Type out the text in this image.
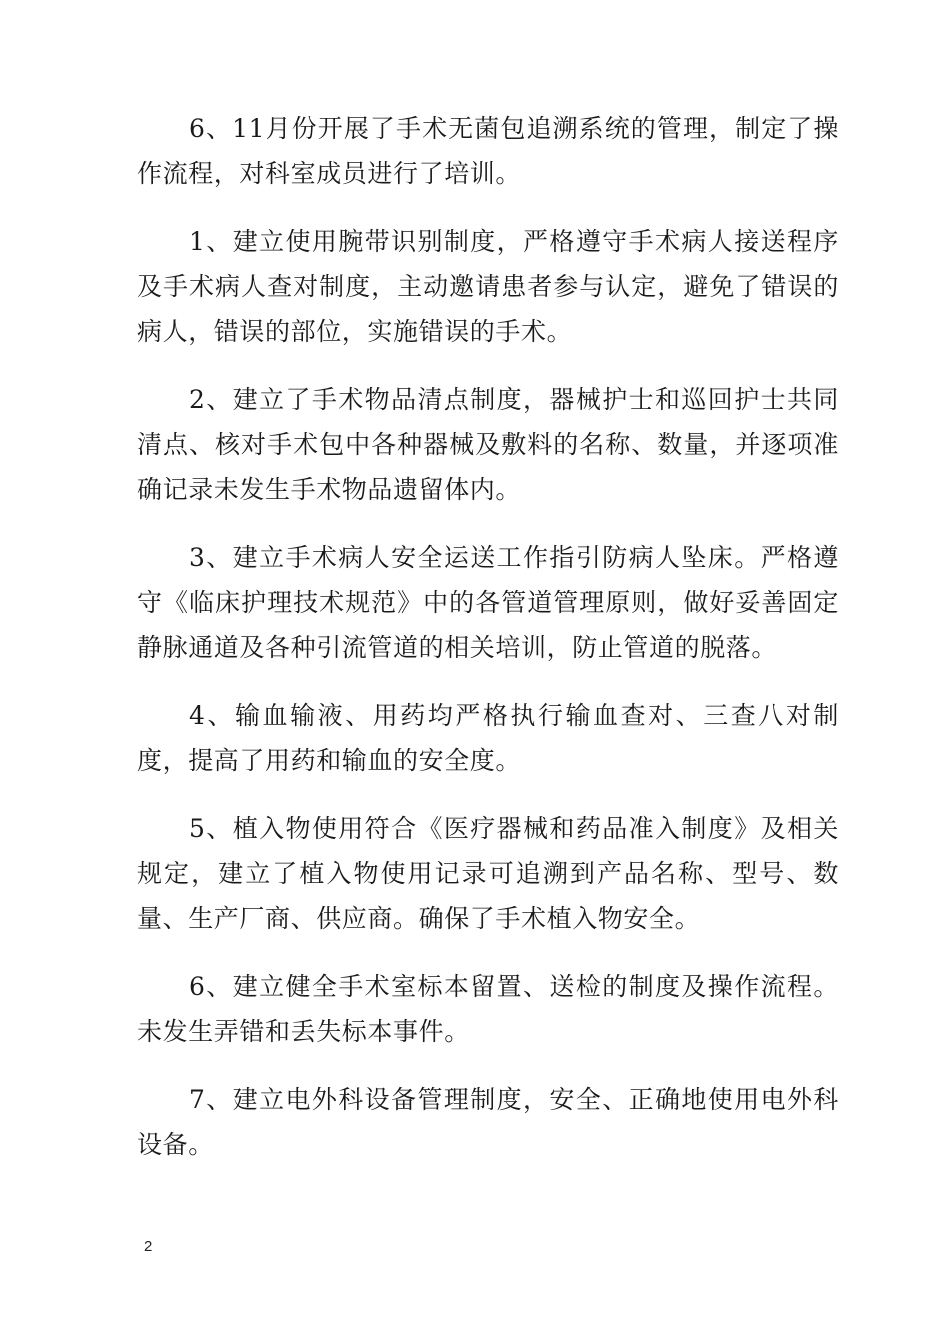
6、11月份开展了手术无菌包追溯系统的管理，制定了操作流程，对科室成员进行了培训。

1、建立使用腕带识别制度，严格遵守手术病人接送程序及手术病人查对制度，主动邀请患者参与认定，避免了错误的病人，错误的部位，实施错误的手术。

2、建立了手术物品清点制度，器械护士和巡回护士共同清点、核对手术包中各种器械及敷料的名称、数量，并逐项准确记录未发生手术物品遗留体内。

3、建立手术病人安全运送工作指引防病人坠床。严格遵守《临床护理技术规范》中的各管道管理原则，做好妥善固定静脉通道及各种引流管道的相关培训，防止管道的脱落。

4、输血输液、用药均严格执行输血查对、三查八对制度，提高了用药和输血的安全度。

5、植入物使用符合《医疗器械和药品准入制度》及相关规定，建立了植入物使用记录可追溯到产品名称、型号、数量、生产厂商、供应商。确保了手术植入物安全。

6、建立健全手术室标本留置、送检的制度及操作流程。未发生弄错和丢失标本事件。

7、建立电外科设备管理制度，安全、正确地使用电外科设备。

2
